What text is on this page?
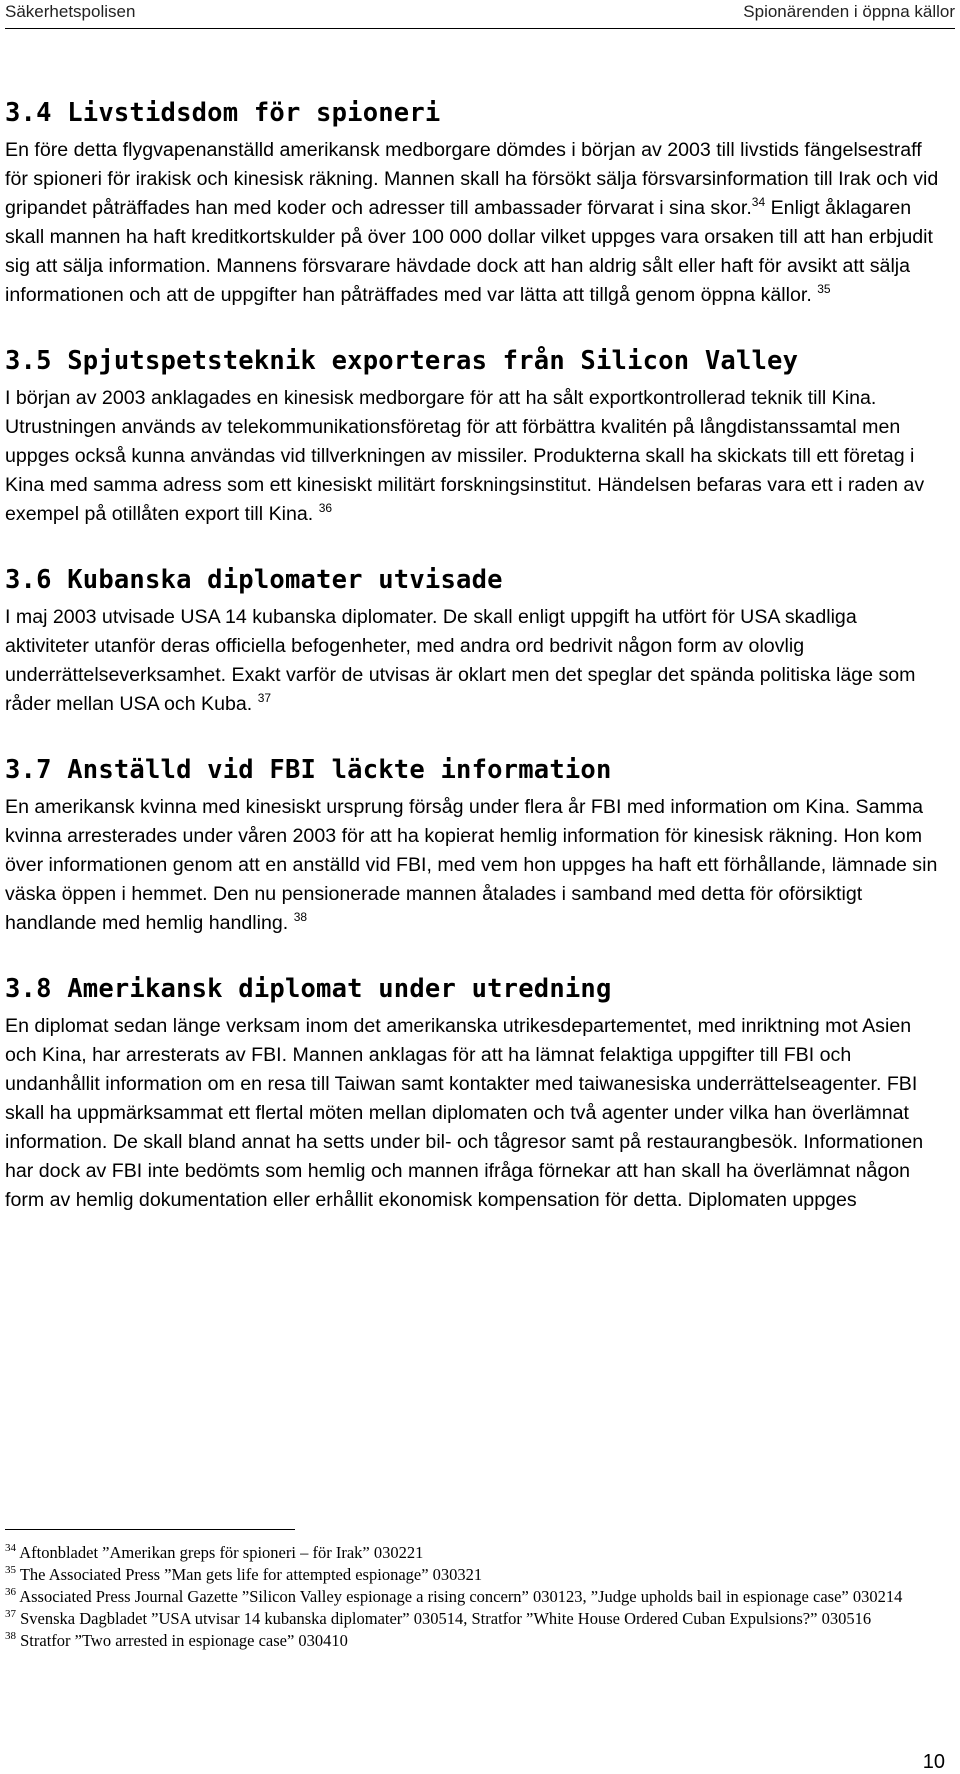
Säkerhetspolisen	Spionärenden i öppna källor
3.4 Livstidsdom för spioneri

En före detta flygvapenanställd amerikansk medborgare dömdes i början av 2003 till livstids fängelsestraff för spioneri för irakisk och kinesisk räkning. Mannen skall ha försökt sälja försvarsinformation till Irak och vid gripandet påträffades han med koder och adresser till ambassader förvarat i sina skor.$^{34}$ Enligt åklagaren skall mannen ha haft kreditkortskulder på över 100 000 dollar vilket uppges vara orsaken till att han erbjudit sig att sälja information. Mannens försvarare hävdade dock att han aldrig sålt eller haft för avsikt att sälja informationen och att de uppgifter han påträffades med var lätta att tillgå genom öppna källor. $^{35}$

3.5 Spjutspetsteknik exporteras från Silicon Valley

I början av 2003 anklagades en kinesisk medborgare för att ha sålt exportkontrollerad teknik till Kina. Utrustningen används av telekommunikationsföretag för att förbättra kvalitén på långdistanssamtal men uppges också kunna användas vid tillverkningen av missiler. Produkterna skall ha skickats till ett företag i Kina med samma adress som ett kinesiskt militärt forskningsinstitut. Händelsen befaras vara ett i raden av exempel på otillåten export till Kina. $^{36}$

3.6 Kubanska diplomater utvisade

I maj 2003 utvisade USA 14 kubanska diplomater. De skall enligt uppgift ha utfört för USA skadliga aktiviteter utanför deras officiella befogenheter, med andra ord bedrivit någon form av olovlig underrättelseverksamhet. Exakt varför de utvisas är oklart men det speglar det spända politiska läge som råder mellan USA och Kuba. $^{37}$

3.7 Anställd vid FBI läckte information

En amerikansk kvinna med kinesiskt ursprung försåg under flera år FBI med information om Kina. Samma kvinna arresterades under våren 2003 för att ha kopierat hemlig information för kinesisk räkning. Hon kom över informationen genom att en anställd vid FBI, med vem hon uppges ha haft ett förhållande, lämnade sin väska öppen i hemmet. Den nu pensionerade mannen åtalades i samband med detta för oförsiktigt handlande med hemlig handling. $^{38}$

3.8 Amerikansk diplomat under utredning

En diplomat sedan länge verksam inom det amerikanska utrikesdepartementet, med inriktning mot Asien och Kina, har arresterats av FBI. Mannen anklagas för att ha lämnat felaktiga uppgifter till FBI och undanhållit information om en resa till Taiwan samt kontakter med taiwanesiska underrättelseagenter. FBI skall ha uppmärksammat ett flertal möten mellan diplomaten och två agenter under vilka han överlämnat information. De skall bland annat ha setts under bil- och tågresor samt på restaurangbesök. Informationen har dock av FBI inte bedömts som hemlig och mannen ifråga förnekar att han skall ha överlämnat någon form av hemlig dokumentation eller erhållit ekonomisk kompensation för detta. Diplomaten uppges

$^{34}$ Aftonbladet ”Amerikan greps för spioneri – för Irak” 030221

$^{35}$ The Associated Press ”Man gets life for attempted espionage” 030321

$^{36}$ Associated Press Journal Gazette ”Silicon Valley espionage a rising concern” 030123, ”Judge upholds bail in espionage case” 030214

$^{37}$ Svenska Dagbladet ”USA utvisar 14 kubanska diplomater” 030514, Stratfor ”White House Ordered Cuban Expulsions?” 030516

$^{38}$ Stratfor ”Two arrested in espionage case” 030410

10
